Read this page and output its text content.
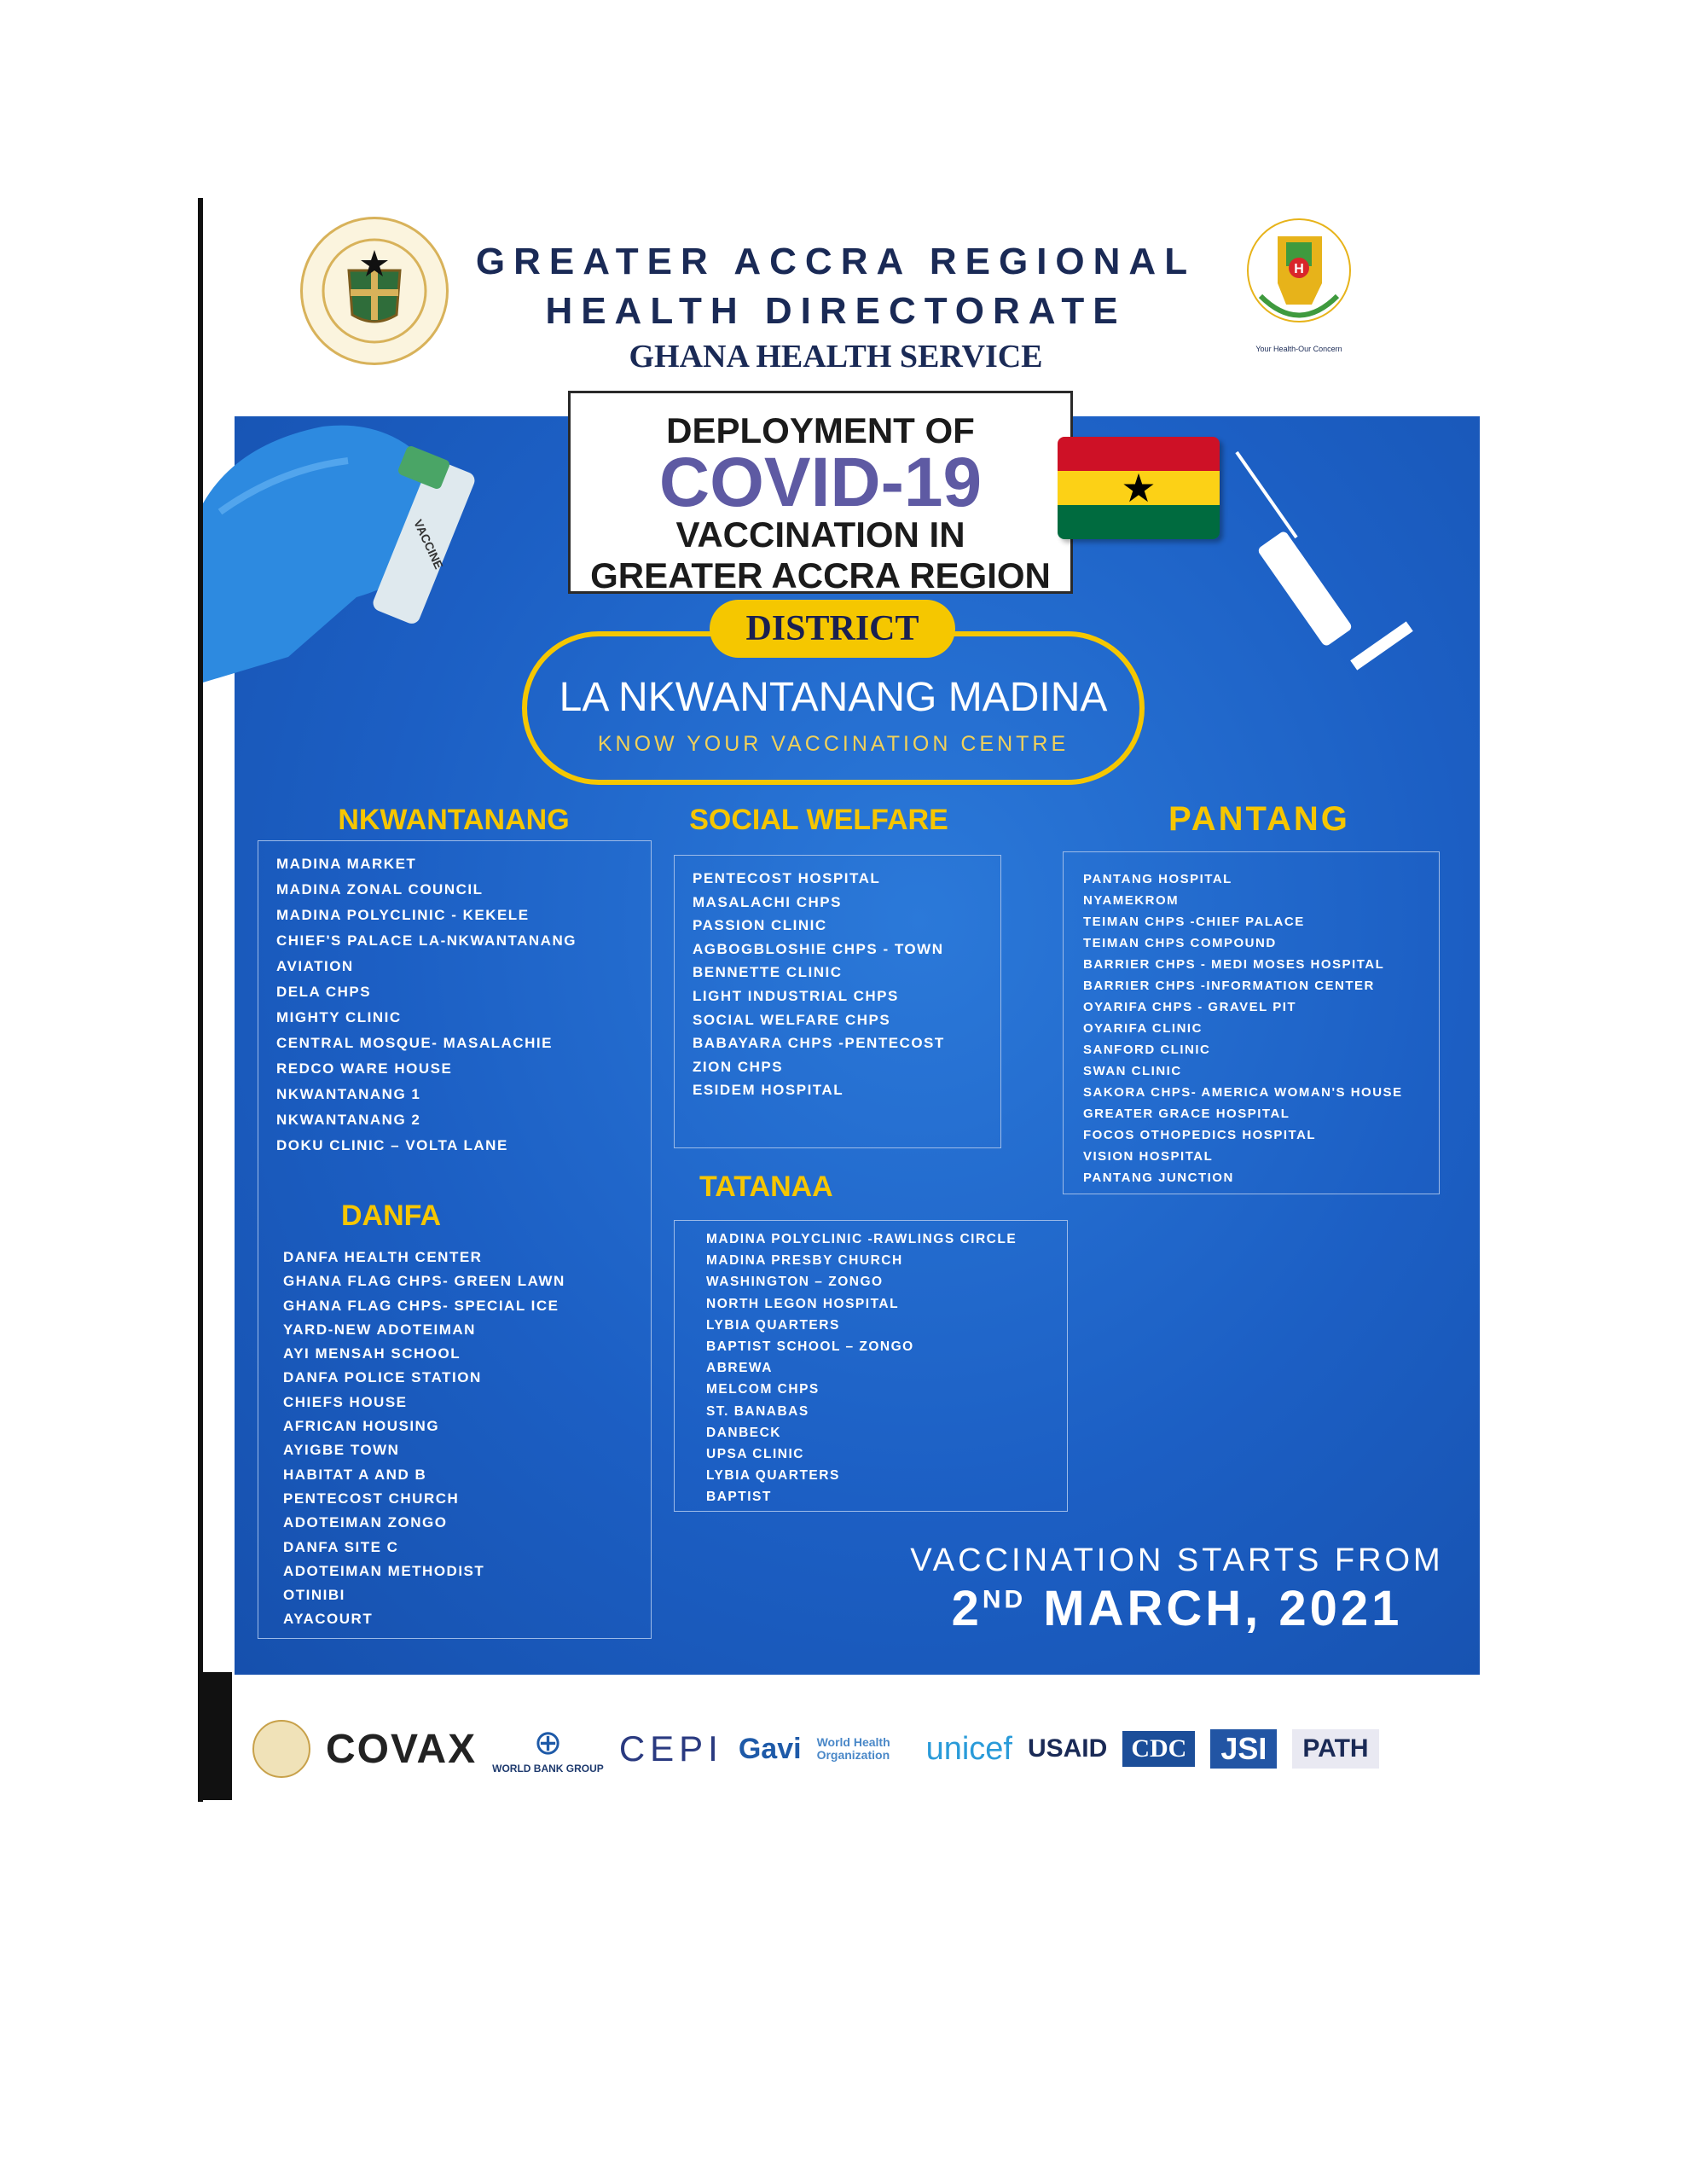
GREATER ACCRA REGIONAL
HEALTH DIRECTORATE
GHANA HEALTH SERVICE
H
Your Health-Our Concern
VACCINE
DEPLOYMENT OF
COVID-19
VACCINATION IN
GREATER ACCRA REGION
★
DISTRICT
LA NKWANTANANG MADINA
KNOW YOUR VACCINATION CENTRE
NKWANTANANG
MADINA MARKET
MADINA ZONAL COUNCIL
MADINA POLYCLINIC - KEKELE
CHIEF'S PALACE LA-NKWANTANANG
AVIATION
DELA CHPS
MIGHTY CLINIC
CENTRAL MOSQUE- MASALACHIE
REDCO WARE HOUSE
NKWANTANANG 1
NKWANTANANG 2
DOKU CLINIC – VOLTA LANE
DANFA
DANFA HEALTH CENTER
GHANA FLAG CHPS- GREEN LAWN
GHANA FLAG CHPS- SPECIAL ICE
YARD-NEW ADOTEIMAN
AYI MENSAH SCHOOL
DANFA POLICE STATION
CHIEFS HOUSE
AFRICAN HOUSING
AYIGBE TOWN
HABITAT A AND B
PENTECOST CHURCH
ADOTEIMAN ZONGO
DANFA SITE C
ADOTEIMAN METHODIST
OTINIBI
AYACOURT
SOCIAL WELFARE
PENTECOST HOSPITAL
MASALACHI CHPS
PASSION CLINIC
AGBOGBLOSHIE CHPS - TOWN
BENNETTE CLINIC
LIGHT INDUSTRIAL CHPS
SOCIAL WELFARE CHPS
BABAYARA CHPS -PENTECOST
ZION CHPS
ESIDEM HOSPITAL
TATANAA
MADINA POLYCLINIC -RAWLINGS CIRCLE
MADINA PRESBY CHURCH
WASHINGTON – ZONGO
NORTH LEGON HOSPITAL
LYBIA QUARTERS
BAPTIST SCHOOL – ZONGO
ABREWA
MELCOM CHPS
ST. BANABAS
DANBECK
UPSA CLINIC
LYBIA QUARTERS
BAPTIST
PANTANG
PANTANG HOSPITAL
NYAMEKROM
TEIMAN CHPS -CHIEF PALACE
TEIMAN CHPS COMPOUND
BARRIER CHPS - MEDI MOSES HOSPITAL
BARRIER CHPS -INFORMATION CENTER
OYARIFA CHPS - GRAVEL PIT
OYARIFA CLINIC
SANFORD CLINIC
SWAN CLINIC
SAKORA CHPS- AMERICA WOMAN'S HOUSE
GREATER GRACE HOSPITAL
FOCOS OTHOPEDICS HOSPITAL
VISION HOSPITAL
PANTANG JUNCTION
VACCINATION STARTS FROM
2ND MARCH, 2021
COVAX ⊕
WORLD BANK GROUP CEPI Gavi World Health Organization	unicef USAID CDC	JSI	PATH
